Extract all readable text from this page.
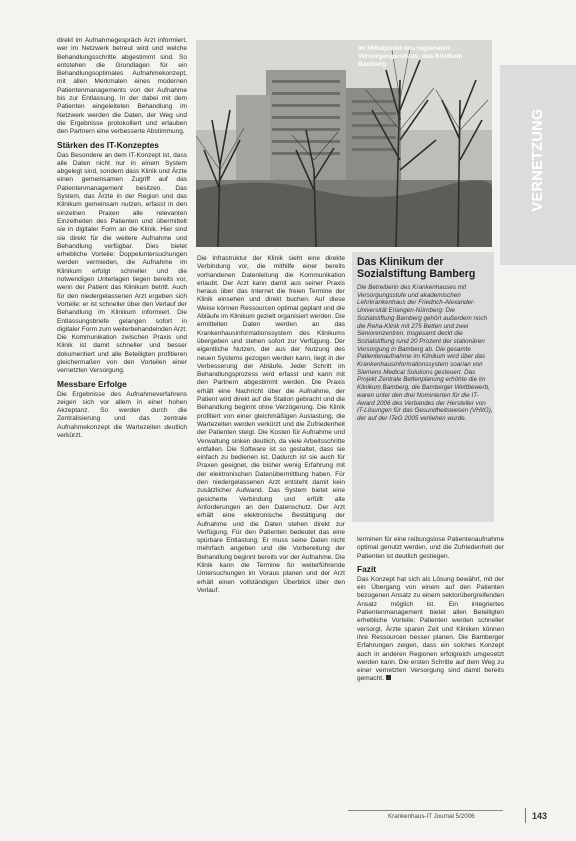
VERNETZUNG
Im Mittelpunkt des regionalen Versorgungsnetzes: das Klinikum Bamberg
Das Klinikum der Sozialstiftung Bamberg

Die Betreiberin des Krankenhauses mit Versorgungsstufe und akademischen Lehrkrankenhaus der Friedrich-Alexander-Universität Erlangen-Nürnberg: Die Sozialstiftung Bamberg gehört außerdem noch die Reha-Klinik mit 275 Betten und zwei Seniorenzentren. Insgesamt deckt die Sozialstiftung rund 20 Prozent der stationären Versorgung in Bamberg ab. Die gesamte Patientenaufnahme im Klinikum wird über das Krankenhausinformationssystem soarian von Siemens Medical Solutions gesteuert. Das Projekt Zentrale Bettenplanung erhöhte die im Klinikum Bamberg, die Bamberger Wettbewerb, waren unter den drei Nominierten für die IT-Award 2006 des Verbandes der Hersteller von IT-Lösungen für das Gesundheitswesen (VHitG), der auf der ITeG 2005 verliehen wurde.

direkt im Aufnahmegespräch Arzt informiert, wer im Netzwerk betreut wird und welche Behandlungsschritte abgestimmt sind. So entstehen die Grundlagen für ein Behandlungsoptimales Aufnahmekonzept, mit allen Merkmalen eines modernen Patientenmanagements von der Aufnahme bis zur Entlassung. In der dabei mit dem Patienten eingeleiteten Behandlung im Netzwerk werden die Daten, der Weg und die Ergebnisse protokolliert und erlauben den Partnern eine verbesserte Abstimmung.

Stärken des IT-Konzeptes

Das Besondere an dem IT-Konzept ist, dass alle Daten nicht nur in einem System abgelegt sind, sondern dass Klinik und Ärzte einen gemeinsamen Zugriff auf das Patientenmanagement besitzen. Das System, das Ärzte in der Region und das Klinikum gemeinsam nutzen, erfasst in den einzelnen Praxen alle relevanten Einzelheiten des Patienten und übermittelt sie in digitaler Form an die Klinik. Hier sind sie direkt für die weitere Aufnahme und Behandlung verfügbar. Dies bietet erhebliche Vorteile: Doppeluntersuchungen werden vermieden, die Aufnahme im Klinikum erfolgt schneller und die notwendigen Unterlagen liegen bereits vor, wenn der Patient das Klinikum betritt. Auch für den niedergelassenen Arzt ergeben sich Vorteile: er ist schneller über den Verlauf der Behandlung im Klinikum informiert. Die Entlassungsbriefe gelangen sofort in digitaler Form zum weiterbehandelnden Arzt. Die Kommunikation zwischen Praxis und Klinik ist damit schneller und besser dokumentiert und alle Beteiligten profitieren gleichermaßen von den Vorteilen einer vernetzten Versorgung.

Messbare Erfolge

Die Ergebnisse des Aufnahmeverfahrens zeigen sich vor allem in einer hohen Akzeptanz. So werden durch die Zentralisierung und das zentrale Aufnahmekonzept die Wartezeiten deutlich verkürzt.

Die Infrastruktur der Klinik sieht eine direkte Verbindung vor, die mithilfe einer bereits vorhandenen Datenleitung die Kommunikation erlaubt. Der Arzt kann damit aus seiner Praxis heraus über das Internet die freien Termine der Klinik einsehen und direkt buchen. Auf diese Weise können Ressourcen optimal geplant und die Abläufe im Klinikum gezielt organisiert werden. Die ermittelten Daten werden an das Krankenhausinformationssystem des Klinikums übergeben und stehen sofort zur Verfügung. Der eigentliche Nutzen, der aus der Nutzung des neuen Systems gezogen werden kann, liegt in der Verbesserung der Abläufe. Jeder Schritt im Behandlungsprozess wird erfasst und kann mit den Partnern abgestimmt werden. Die Praxis erhält eine Nachricht über die Aufnahme, der Patient wird direkt auf die Station gebracht und die Behandlung beginnt ohne Verzögerung. Die Klinik profitiert von einer gleichmäßigen Auslastung, die Wartezeiten werden verkürzt und die Zufriedenheit der Patienten steigt. Die Kosten für Aufnahme und Verwaltung sinken deutlich, da viele Arbeitsschritte entfallen. Die Software ist so gestaltet, dass sie einfach zu bedienen ist. Dadurch ist sie auch für Praxen geeignet, die bisher wenig Erfahrung mit der elektronischen Datenübermittlung haben. Für den niedergelassenen Arzt entsteht damit kein zusätzlicher Aufwand. Das System bietet eine gesicherte Verbindung und erfüllt alle Anforderungen an den Datenschutz. Der Arzt erhält eine elektronische Bestätigung der Aufnahme und die Daten stehen direkt zur Verfügung. Für den Patienten bedeutet das eine spürbare Entlastung: Er muss seine Daten nicht mehrfach angeben und die Vorbereitung der Behandlung beginnt bereits vor der Aufnahme. Die Klinik kann die Termine für weiterführende Untersuchungen im Voraus planen und der Arzt erhält einen vollständigen Überblick über den Verlauf.

terminen für eine reibungslose Patientenaufnahme optimal genutzt werden, und die Zufriedenheit der Patienten ist deutlich gestiegen.

Fazit

Das Konzept hat sich als Lösung bewährt, mit der ein Übergang von einem auf den Patienten bezogenen Ansatz zu einem sektorübergreifenden Ansatz möglich ist. Ein integriertes Patientenmanagement bietet allen Beteiligten erhebliche Vorteile: Patienten werden schneller versorgt, Ärzte sparen Zeit und Kliniken können ihre Ressourcen besser planen. Die Bamberger Erfahrungen zeigen, dass ein solches Konzept auch in anderen Regionen erfolgreich umgesetzt werden kann. Die ersten Schritte auf dem Weg zu einer vernetzten Versorgung sind damit bereits gemacht.

Krankenhaus-IT Journal 5/2006	143
